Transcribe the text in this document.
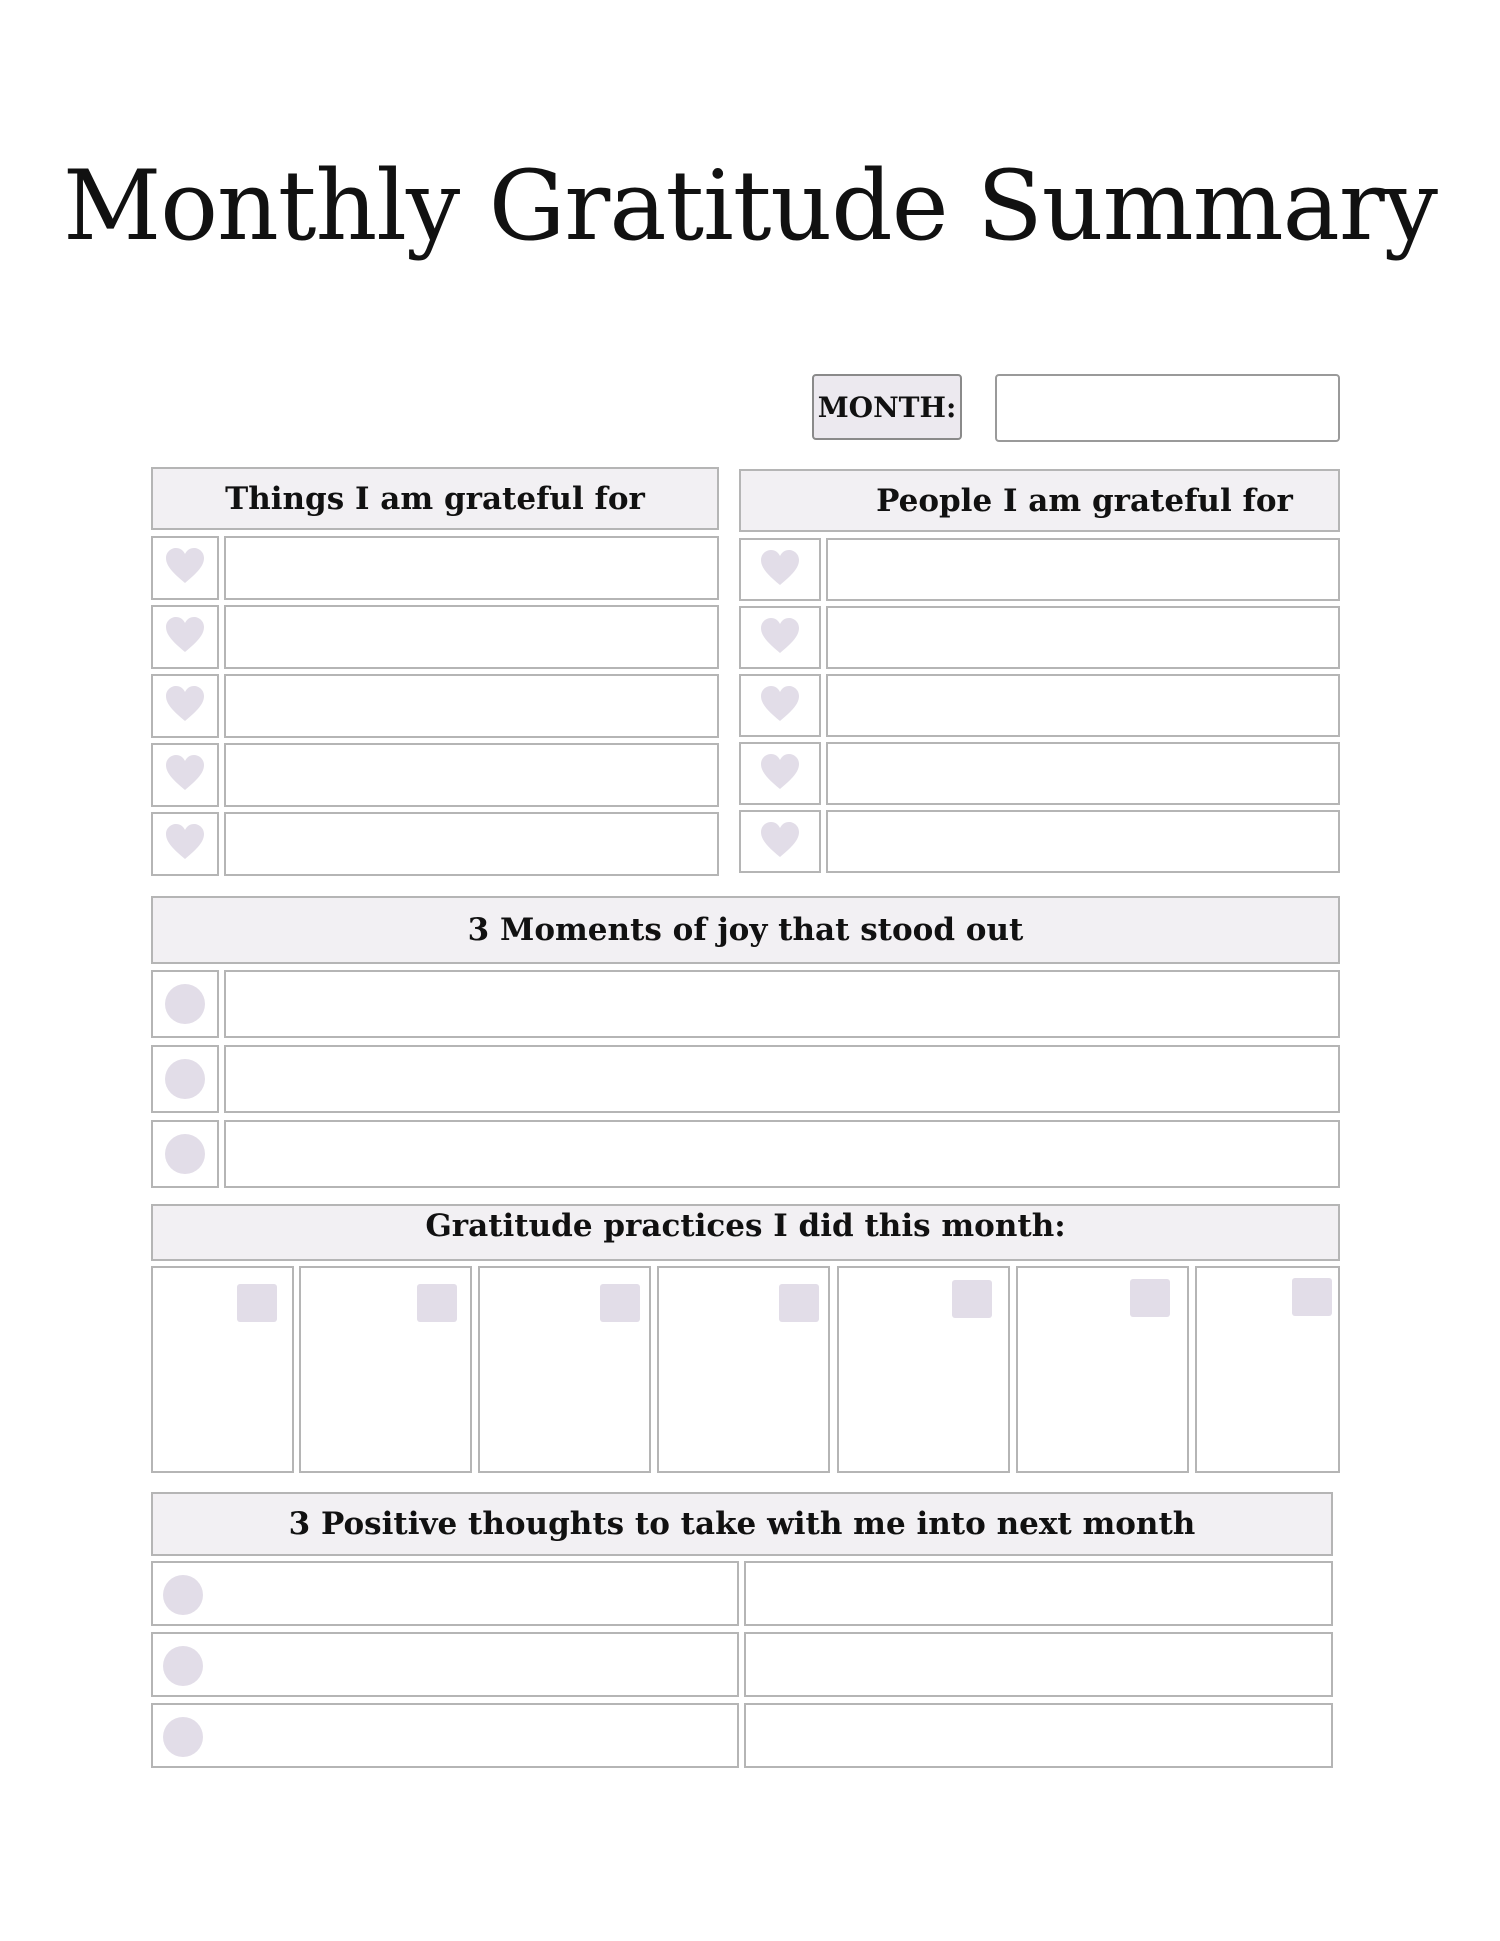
Monthly Gratitude Summary
MONTH:
Things I am grateful for	People I am grateful for
3 Moments of joy that stood out
Gratitude practices I did this month:
3 Positive thoughts to take with me into next month
